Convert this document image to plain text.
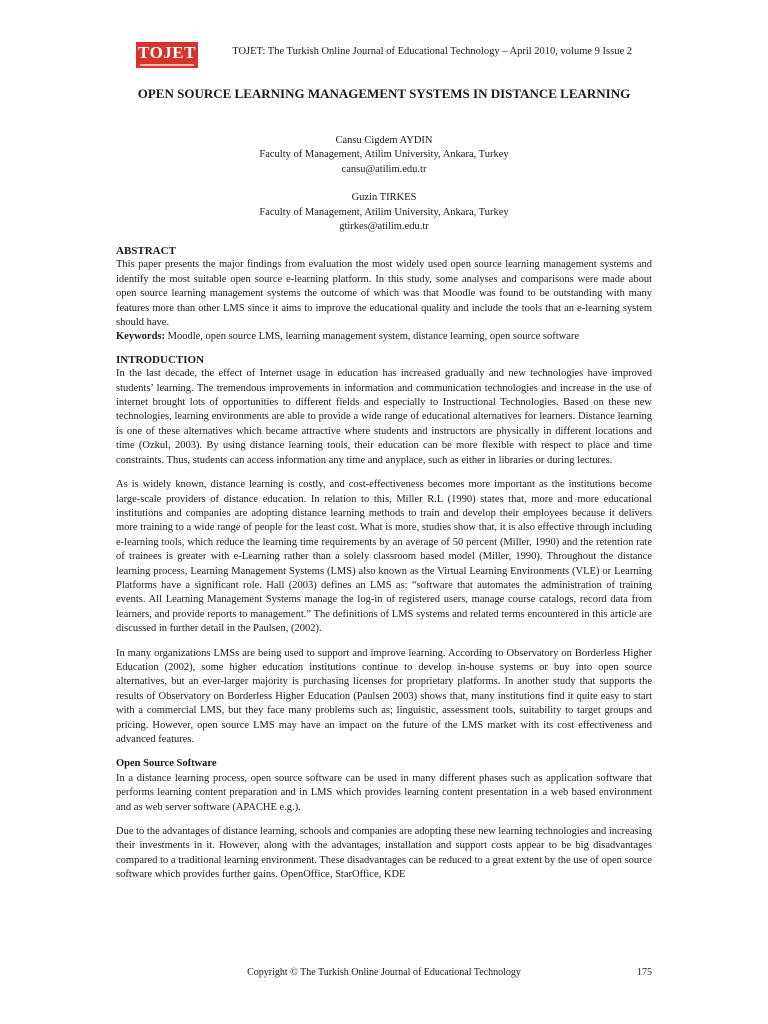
TOJET	TOJET: The Turkish Online Journal of Educational Technology – April 2010, volume 9 Issue 2
OPEN SOURCE LEARNING MANAGEMENT SYSTEMS IN DISTANCE LEARNING
Cansu Cigdem AYDIN
Faculty of Management, Atilim University, Ankara, Turkey
cansu@atilim.edu.tr
Guzin TIRKES
Faculty of Management, Atilim University, Ankara, Turkey
gtirkes@atilim.edu.tr
ABSTRACT

This paper presents the major findings from evaluation the most widely used open source learning management systems and identify the most suitable open source e-learning platform. In this study, some analyses and comparisons were made about open source learning management systems the outcome of which was that Moodle was found to be outstanding with many features more than other LMS since it aims to improve the educational quality and include the tools that an e-learning system should have.

Keywords: Moodle, open source LMS, learning management system, distance learning, open source software

INTRODUCTION

In the last decade, the effect of Internet usage in education has increased gradually and new technologies have improved students’ learning. The tremendous improvements in information and communication technologies and increase in the use of internet brought lots of opportunities to different fields and especially to Instructional Technologies. Based on these new technologies, learning environments are able to provide a wide range of educational alternatives for learners. Distance learning is one of these alternatives which became attractive where students and instructors are physically in different locations and time (Ozkul, 2003). By using distance learning tools, their education can be more flexible with respect to place and time constraints. Thus, students can access information any time and anyplace, such as either in libraries or during lectures.

As is widely known, distance learning is costly, and cost-effectiveness becomes more important as the institutions become large-scale providers of distance education. In relation to this, Miller R.L (1990) states that, more and more educational institutions and companies are adopting distance learning methods to train and develop their employees because it delivers more training to a wide range of people for the least cost. What is more, studies show that, it is also effective through including e-learning tools, which reduce the learning time requirements by an average of 50 percent (Miller, 1990) and the retention rate of trainees is greater with e-Learning rather than a solely classroom based model (Miller, 1990). Throughout the distance learning process, Learning Management Systems (LMS) also known as the Virtual Learning Environments (VLE) or Learning Platforms have a significant role. Hall (2003) defines an LMS as: “software that automates the administration of training events. All Learning Management Systems manage the log-in of registered users, manage course catalogs, record data from learners, and provide reports to management.” The definitions of LMS systems and related terms encountered in this article are discussed in further detail in the Paulsen, (2002).

In many organizations LMSs are being used to support and improve learning. According to Observatory on Borderless Higher Education (2002), some higher education institutions continue to develop in-house systems or buy into open source alternatives, but an ever-larger majority is purchasing licenses for proprietary platforms. In another study that supports the results of Observatory on Borderless Higher Education (Paulsen 2003) shows that, many institutions find it quite easy to start with a commercial LMS, but they face many problems such as; linguistic, assessment tools, suitability to target groups and pricing. However, open source LMS may have an impact on the future of the LMS market with its cost effectiveness and advanced features.

Open Source Software

In a distance learning process, open source software can be used in many different phases such as application software that performs learning content preparation and in LMS which provides learning content presentation in a web based environment and as web server software (APACHE e.g.).

Due to the advantages of distance learning, schools and companies are adopting these new learning technologies and increasing their investments in it. However, along with the advantages, installation and support costs appear to be big disadvantages compared to a traditional learning environment. These disadvantages can be reduced to a great extent by the use of open source software which provides further gains. OpenOffice, StarOffice, KDE

Copyright © The Turkish Online Journal of Educational Technology	175
